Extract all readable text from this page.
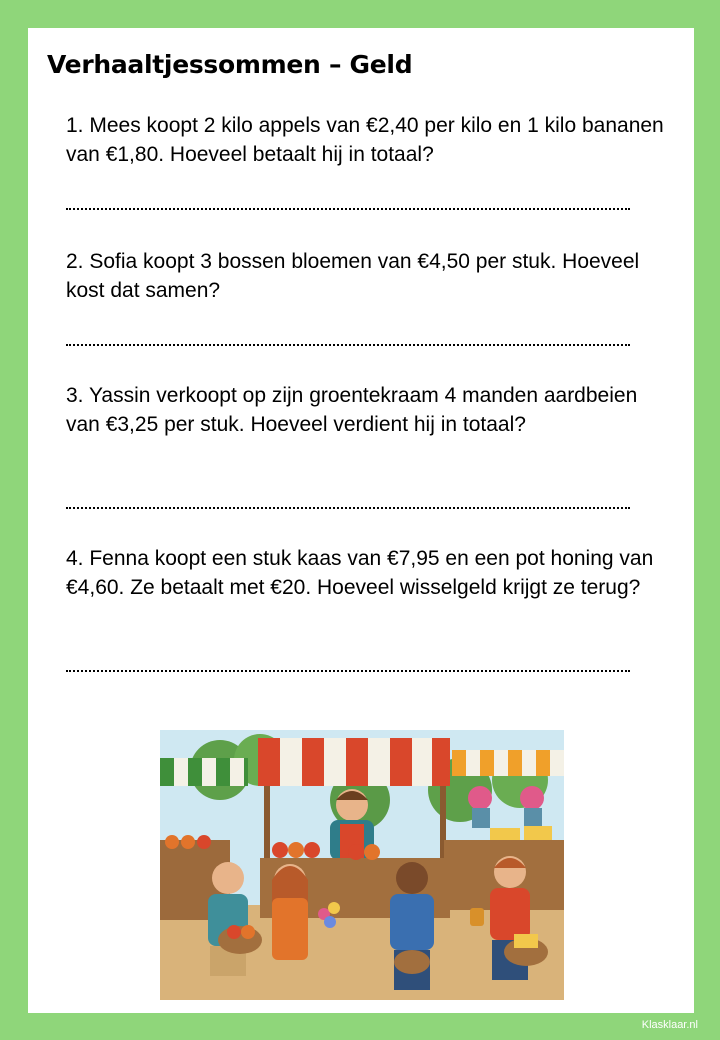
Verhaaltjessommen – Geld
1. Mees koopt 2 kilo appels van €2,40 per kilo en 1 kilo bananen van €1,80. Hoeveel betaalt hij in totaal?
2. Sofia koopt 3 bossen bloemen van €4,50 per stuk. Hoeveel kost dat samen?
3. Yassin verkoopt op zijn groentekraam 4 manden aardbeien van €3,25 per stuk. Hoeveel verdient hij in totaal?
4. Fenna koopt een stuk kaas van €7,95 en een pot honing van €4,60. Ze betaalt met €20. Hoeveel wisselgeld krijgt ze terug?
Klasklaar.nl
